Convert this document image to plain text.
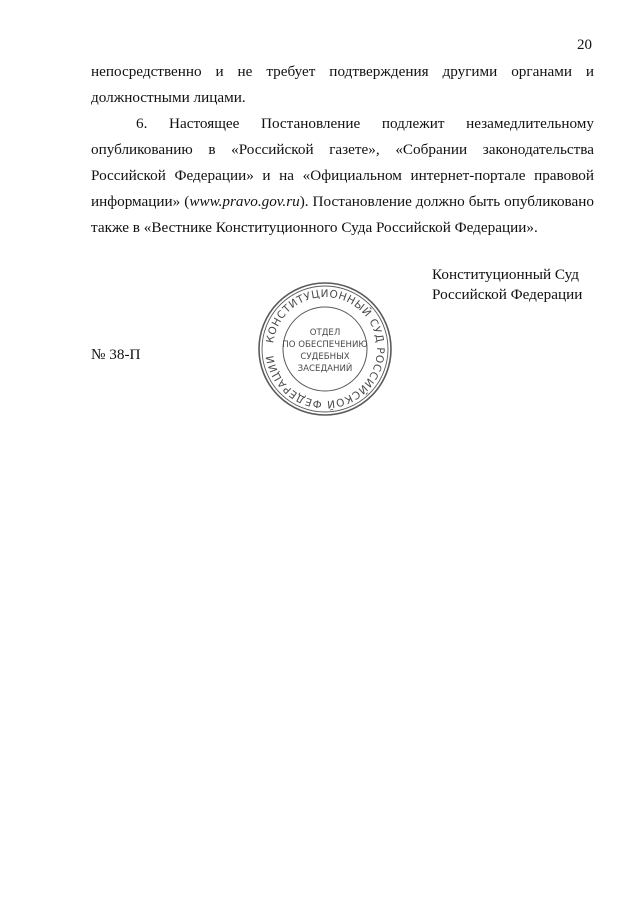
20

непосредственно и не требует подтверждения другими органами и должностными лицами.

6. Настоящее Постановление подлежит незамедлительному опубликованию в «Российской газете», «Собрании законодательства Российской Федерации» и на «Официальном интернет-портале правовой информации» (www.pravo.gov.ru). Постановление должно быть опубликовано также в «Вестнике Конституционного Суда Российской Федерации».

Конституционный Суд
Российской Федерации
№ 38-П
КОНСТИТУЦИОННЫЙ СУД РОССИЙСКОЙ ФЕДЕРАЦИИ
ОТДЕЛ
ПО ОБЕСПЕЧЕНИЮ
СУДЕБНЫХ
ЗАСЕДАНИЙ
